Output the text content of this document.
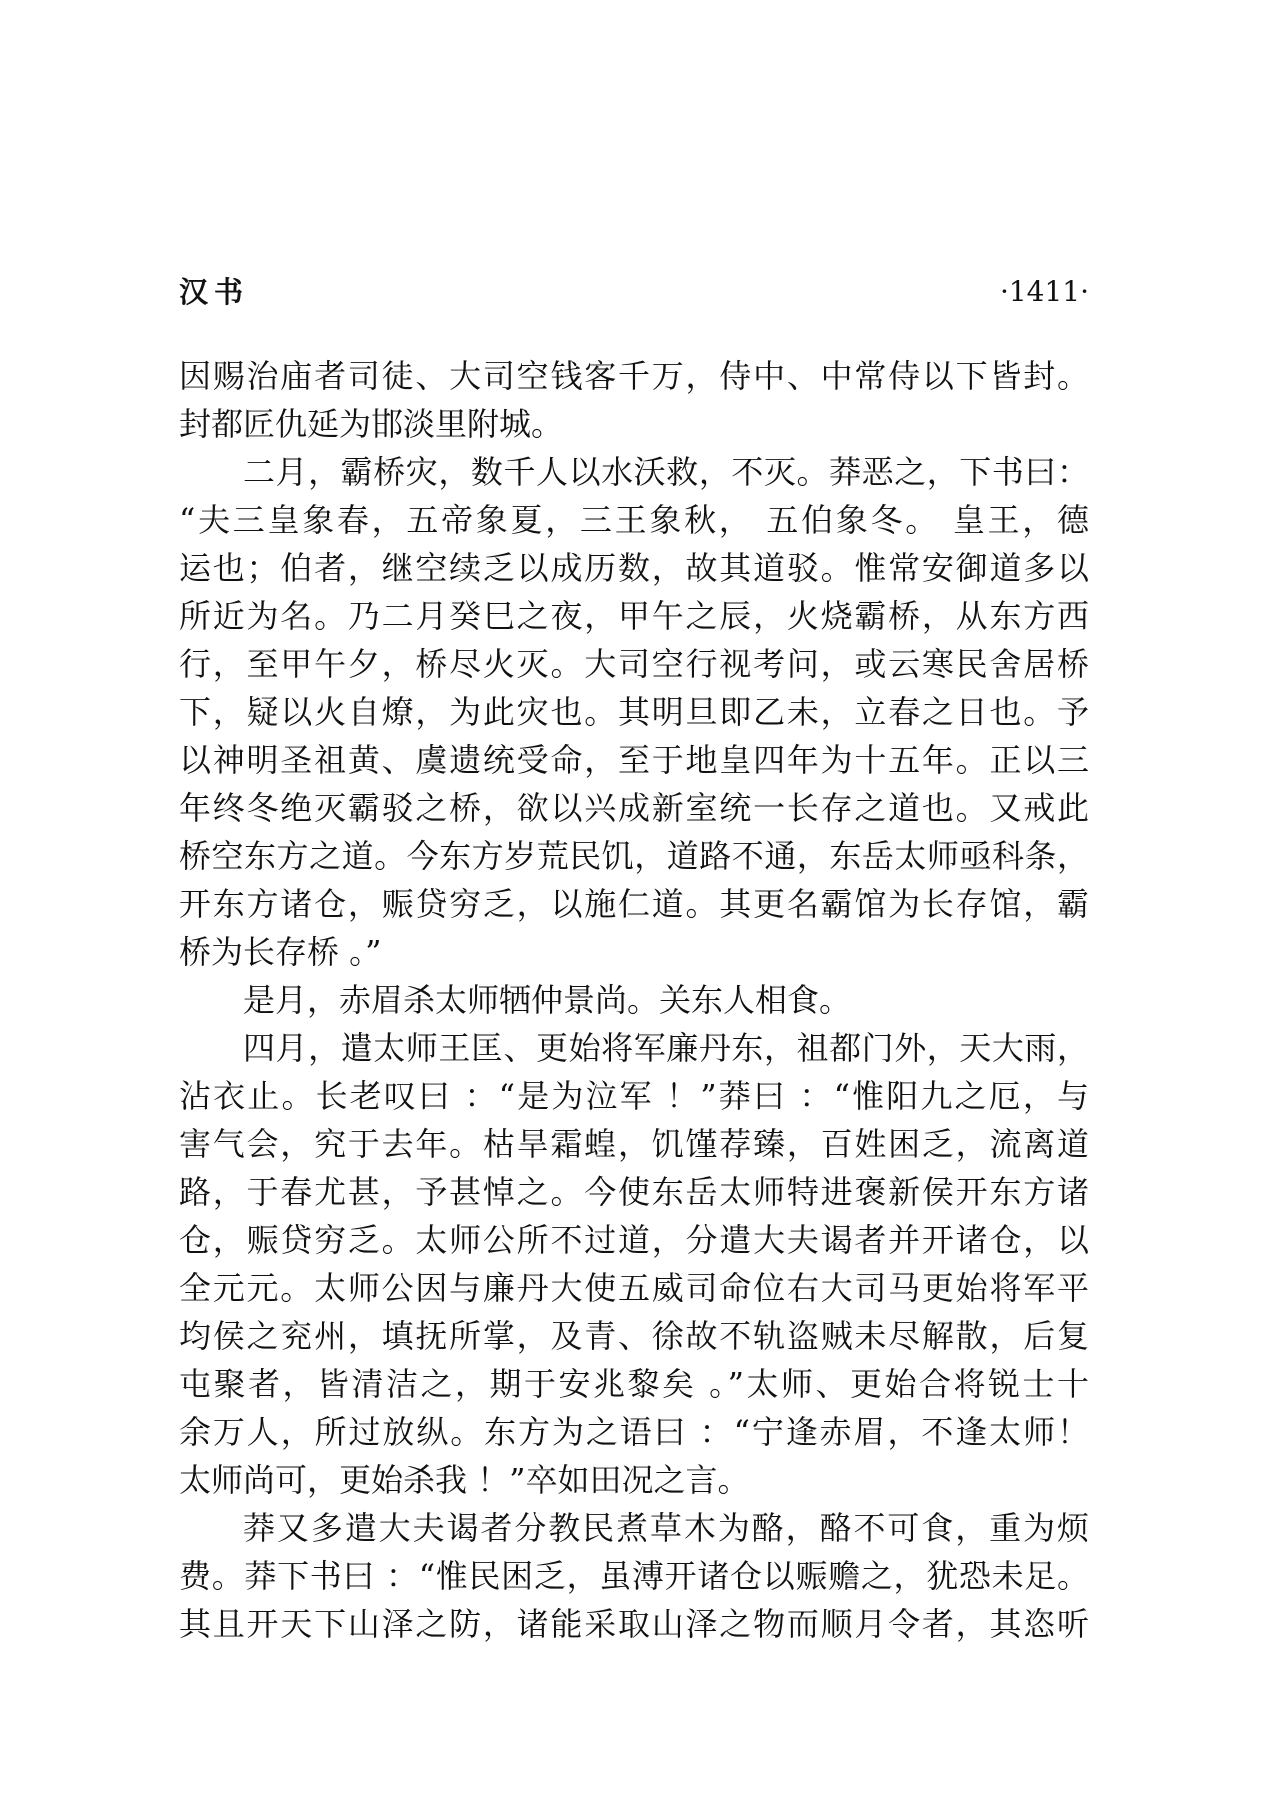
汉书	·1411·
因赐治庙者司徒、大司空钱客千万，侍中、中常侍以下皆封。
封都匠仇延为邯淡里附城。
二月，霸桥灾，数千人以水沃救，不灭。莽恶之，下书曰：
“夫三皇象春，五帝象夏，三王象秋， 五伯象冬。 皇王，德
运也；伯者，继空续乏以成历数，故其道驳。惟常安御道多以
所近为名。乃二月癸巳之夜，甲午之辰，火烧霸桥，从东方西
行，至甲午夕，桥尽火灭。大司空行视考问，或云寒民舍居桥
下，疑以火自燎，为此灾也。其明旦即乙未，立春之日也。予
以神明圣祖黄、虞遗统受命，至于地皇四年为十五年。正以三
年终冬绝灭霸驳之桥，欲以兴成新室统一长存之道也。又戒此
桥空东方之道。今东方岁荒民饥，道路不通，东岳太师亟科条，
开东方诸仓，赈贷穷乏，以施仁道。其更名霸馆为长存馆，霸
桥为长存桥 。”
是月，赤眉杀太师牺仲景尚。关东人相食。
四月，遣太师王匡、更始将军廉丹东，祖都门外，天大雨，
沾衣止。长老叹曰 ：“是为泣军 ！”莽曰 ：“惟阳九之厄，与
害气会，究于去年。枯旱霜蝗，饥馑荐臻，百姓困乏，流离道
路，于春尤甚，予甚悼之。今使东岳太师特进褒新侯开东方诸
仓，赈贷穷乏。太师公所不过道，分遣大夫谒者并开诸仓，以
全元元。太师公因与廉丹大使五威司命位右大司马更始将军平
均侯之兖州，填抚所掌，及青、徐故不轨盗贼未尽解散，后复
屯聚者，皆清洁之，期于安兆黎矣 。”太师、更始合将锐士十
余万人，所过放纵。东方为之语曰 ：“宁逢赤眉，不逢太师！
太师尚可，更始杀我 ！”卒如田况之言。
莽又多遣大夫谒者分教民煮草木为酪，酪不可食，重为烦
费。莽下书曰 ：“惟民困乏，虽溥开诸仓以赈赡之，犹恐未足。
其且开天下山泽之防，诸能采取山泽之物而顺月令者，其恣听
